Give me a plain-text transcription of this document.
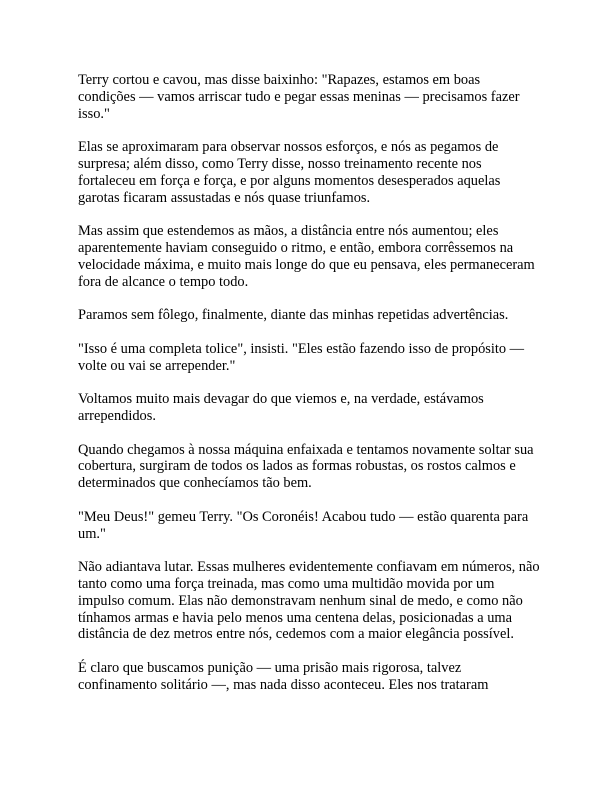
Terry cortou e cavou, mas disse baixinho: "Rapazes, estamos em boas condições — vamos arriscar tudo e pegar essas meninas — precisamos fazer isso."

Elas se aproximaram para observar nossos esforços, e nós as pegamos de surpresa; além disso, como Terry disse, nosso treinamento recente nos fortaleceu em força e força, e por alguns momentos desesperados aquelas garotas ficaram assustadas e nós quase triunfamos.

Mas assim que estendemos as mãos, a distância entre nós aumentou; eles aparentemente haviam conseguido o ritmo, e então, embora corrêssemos na velocidade máxima, e muito mais longe do que eu pensava, eles permaneceram fora de alcance o tempo todo.

Paramos sem fôlego, finalmente, diante das minhas repetidas advertências.

"Isso é uma completa tolice", insisti. "Eles estão fazendo isso de propósito — volte ou vai se arrepender."

Voltamos muito mais devagar do que viemos e, na verdade, estávamos arrependidos.

Quando chegamos à nossa máquina enfaixada e tentamos novamente soltar sua cobertura, surgiram de todos os lados as formas robustas, os rostos calmos e determinados que conhecíamos tão bem.

"Meu Deus!" gemeu Terry. "Os Coronéis! Acabou tudo — estão quarenta para um."

Não adiantava lutar. Essas mulheres evidentemente confiavam em números, não tanto como uma força treinada, mas como uma multidão movida por um impulso comum. Elas não demonstravam nenhum sinal de medo, e como não tínhamos armas e havia pelo menos uma centena delas, posicionadas a uma distância de dez metros entre nós, cedemos com a maior elegância possível.

É claro que buscamos punição — uma prisão mais rigorosa, talvez confinamento solitário —, mas nada disso aconteceu. Eles nos trataram
